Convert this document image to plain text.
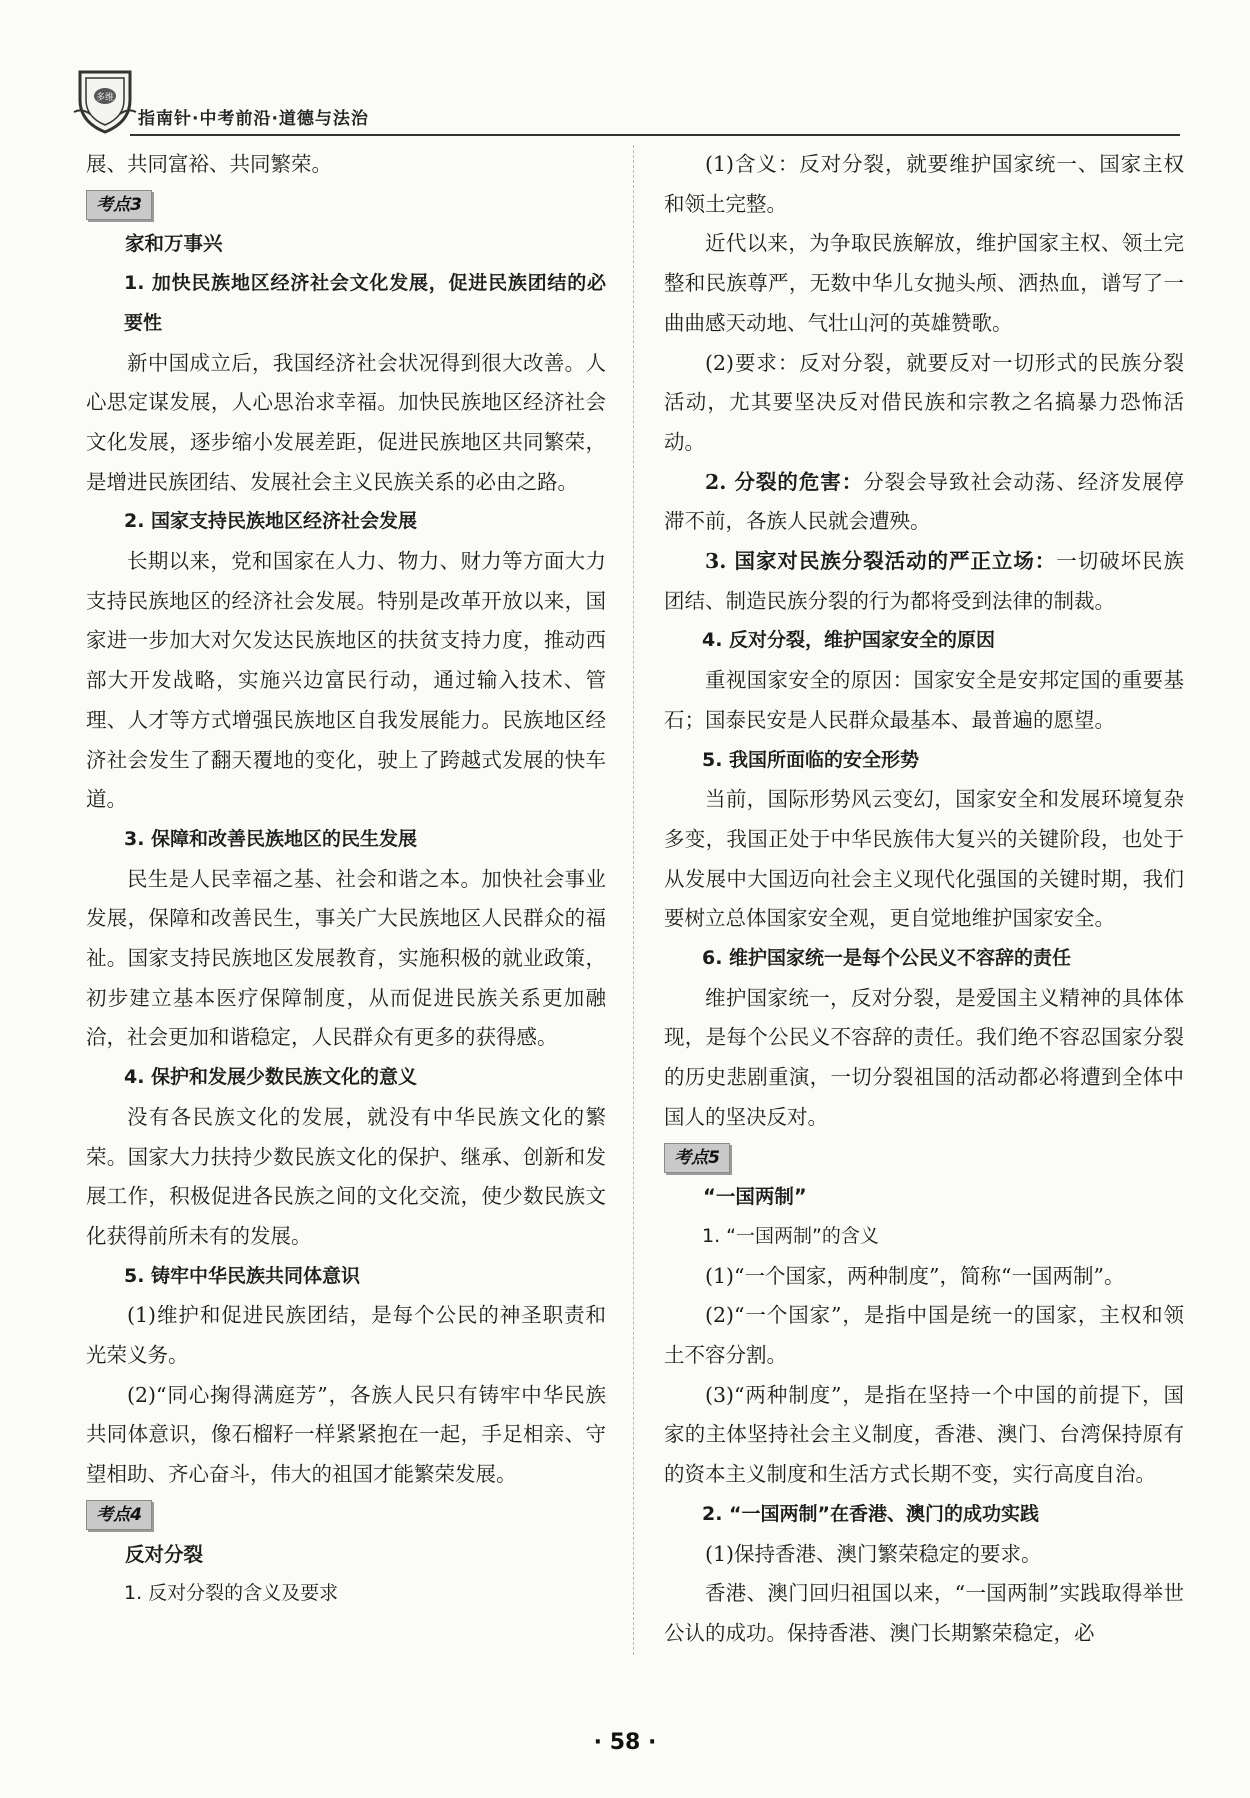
多维
指南针·中考前沿·道德与法治

展、共同富裕、共同繁荣。

考点3

家和万事兴

1. 加快民族地区经济社会文化发展，促进民族团结的必要性

新中国成立后，我国经济社会状况得到很大改善。人心思定谋发展，人心思治求幸福。加快民族地区经济社会文化发展，逐步缩小发展差距，促进民族地区共同繁荣，是增进民族团结、发展社会主义民族关系的必由之路。

2. 国家支持民族地区经济社会发展

长期以来，党和国家在人力、物力、财力等方面大力支持民族地区的经济社会发展。特别是改革开放以来，国家进一步加大对欠发达民族地区的扶贫支持力度，推动西部大开发战略，实施兴边富民行动，通过输入技术、管理、人才等方式增强民族地区自我发展能力。民族地区经济社会发生了翻天覆地的变化，驶上了跨越式发展的快车道。

3. 保障和改善民族地区的民生发展

民生是人民幸福之基、社会和谐之本。加快社会事业发展，保障和改善民生，事关广大民族地区人民群众的福祉。国家支持民族地区发展教育，实施积极的就业政策，初步建立基本医疗保障制度，从而促进民族关系更加融洽，社会更加和谐稳定，人民群众有更多的获得感。

4. 保护和发展少数民族文化的意义

没有各民族文化的发展，就没有中华民族文化的繁荣。国家大力扶持少数民族文化的保护、继承、创新和发展工作，积极促进各民族之间的文化交流，使少数民族文化获得前所未有的发展。

5. 铸牢中华民族共同体意识

(1)维护和促进民族团结，是每个公民的神圣职责和光荣义务。

(2)“同心掬得满庭芳”，各族人民只有铸牢中华民族共同体意识，像石榴籽一样紧紧抱在一起，手足相亲、守望相助、齐心奋斗，伟大的祖国才能繁荣发展。

考点4

反对分裂

1. 反对分裂的含义及要求

(1)含义：反对分裂，就要维护国家统一、国家主权和领土完整。

近代以来，为争取民族解放，维护国家主权、领土完整和民族尊严，无数中华儿女抛头颅、洒热血，谱写了一曲曲感天动地、气壮山河的英雄赞歌。

(2)要求：反对分裂，就要反对一切形式的民族分裂活动，尤其要坚决反对借民族和宗教之名搞暴力恐怖活动。

2. 分裂的危害：分裂会导致社会动荡、经济发展停滞不前，各族人民就会遭殃。

3. 国家对民族分裂活动的严正立场：一切破坏民族团结、制造民族分裂的行为都将受到法律的制裁。

4. 反对分裂，维护国家安全的原因

重视国家安全的原因：国家安全是安邦定国的重要基石；国泰民安是人民群众最基本、最普遍的愿望。

5. 我国所面临的安全形势

当前，国际形势风云变幻，国家安全和发展环境复杂多变，我国正处于中华民族伟大复兴的关键阶段，也处于从发展中大国迈向社会主义现代化强国的关键时期，我们要树立总体国家安全观，更自觉地维护国家安全。

6. 维护国家统一是每个公民义不容辞的责任

维护国家统一，反对分裂，是爱国主义精神的具体体现，是每个公民义不容辞的责任。我们绝不容忍国家分裂的历史悲剧重演，一切分裂祖国的活动都必将遭到全体中国人的坚决反对。

考点5

“一国两制”

1. “一国两制”的含义

(1)“一个国家，两种制度”，简称“一国两制”。

(2)“一个国家”，是指中国是统一的国家，主权和领土不容分割。

(3)“两种制度”，是指在坚持一个中国的前提下，国家的主体坚持社会主义制度，香港、澳门、台湾保持原有的资本主义制度和生活方式长期不变，实行高度自治。

2. “一国两制”在香港、澳门的成功实践

(1)保持香港、澳门繁荣稳定的要求。

香港、澳门回归祖国以来，“一国两制”实践取得举世公认的成功。保持香港、澳门长期繁荣稳定，必

· 58 ·
